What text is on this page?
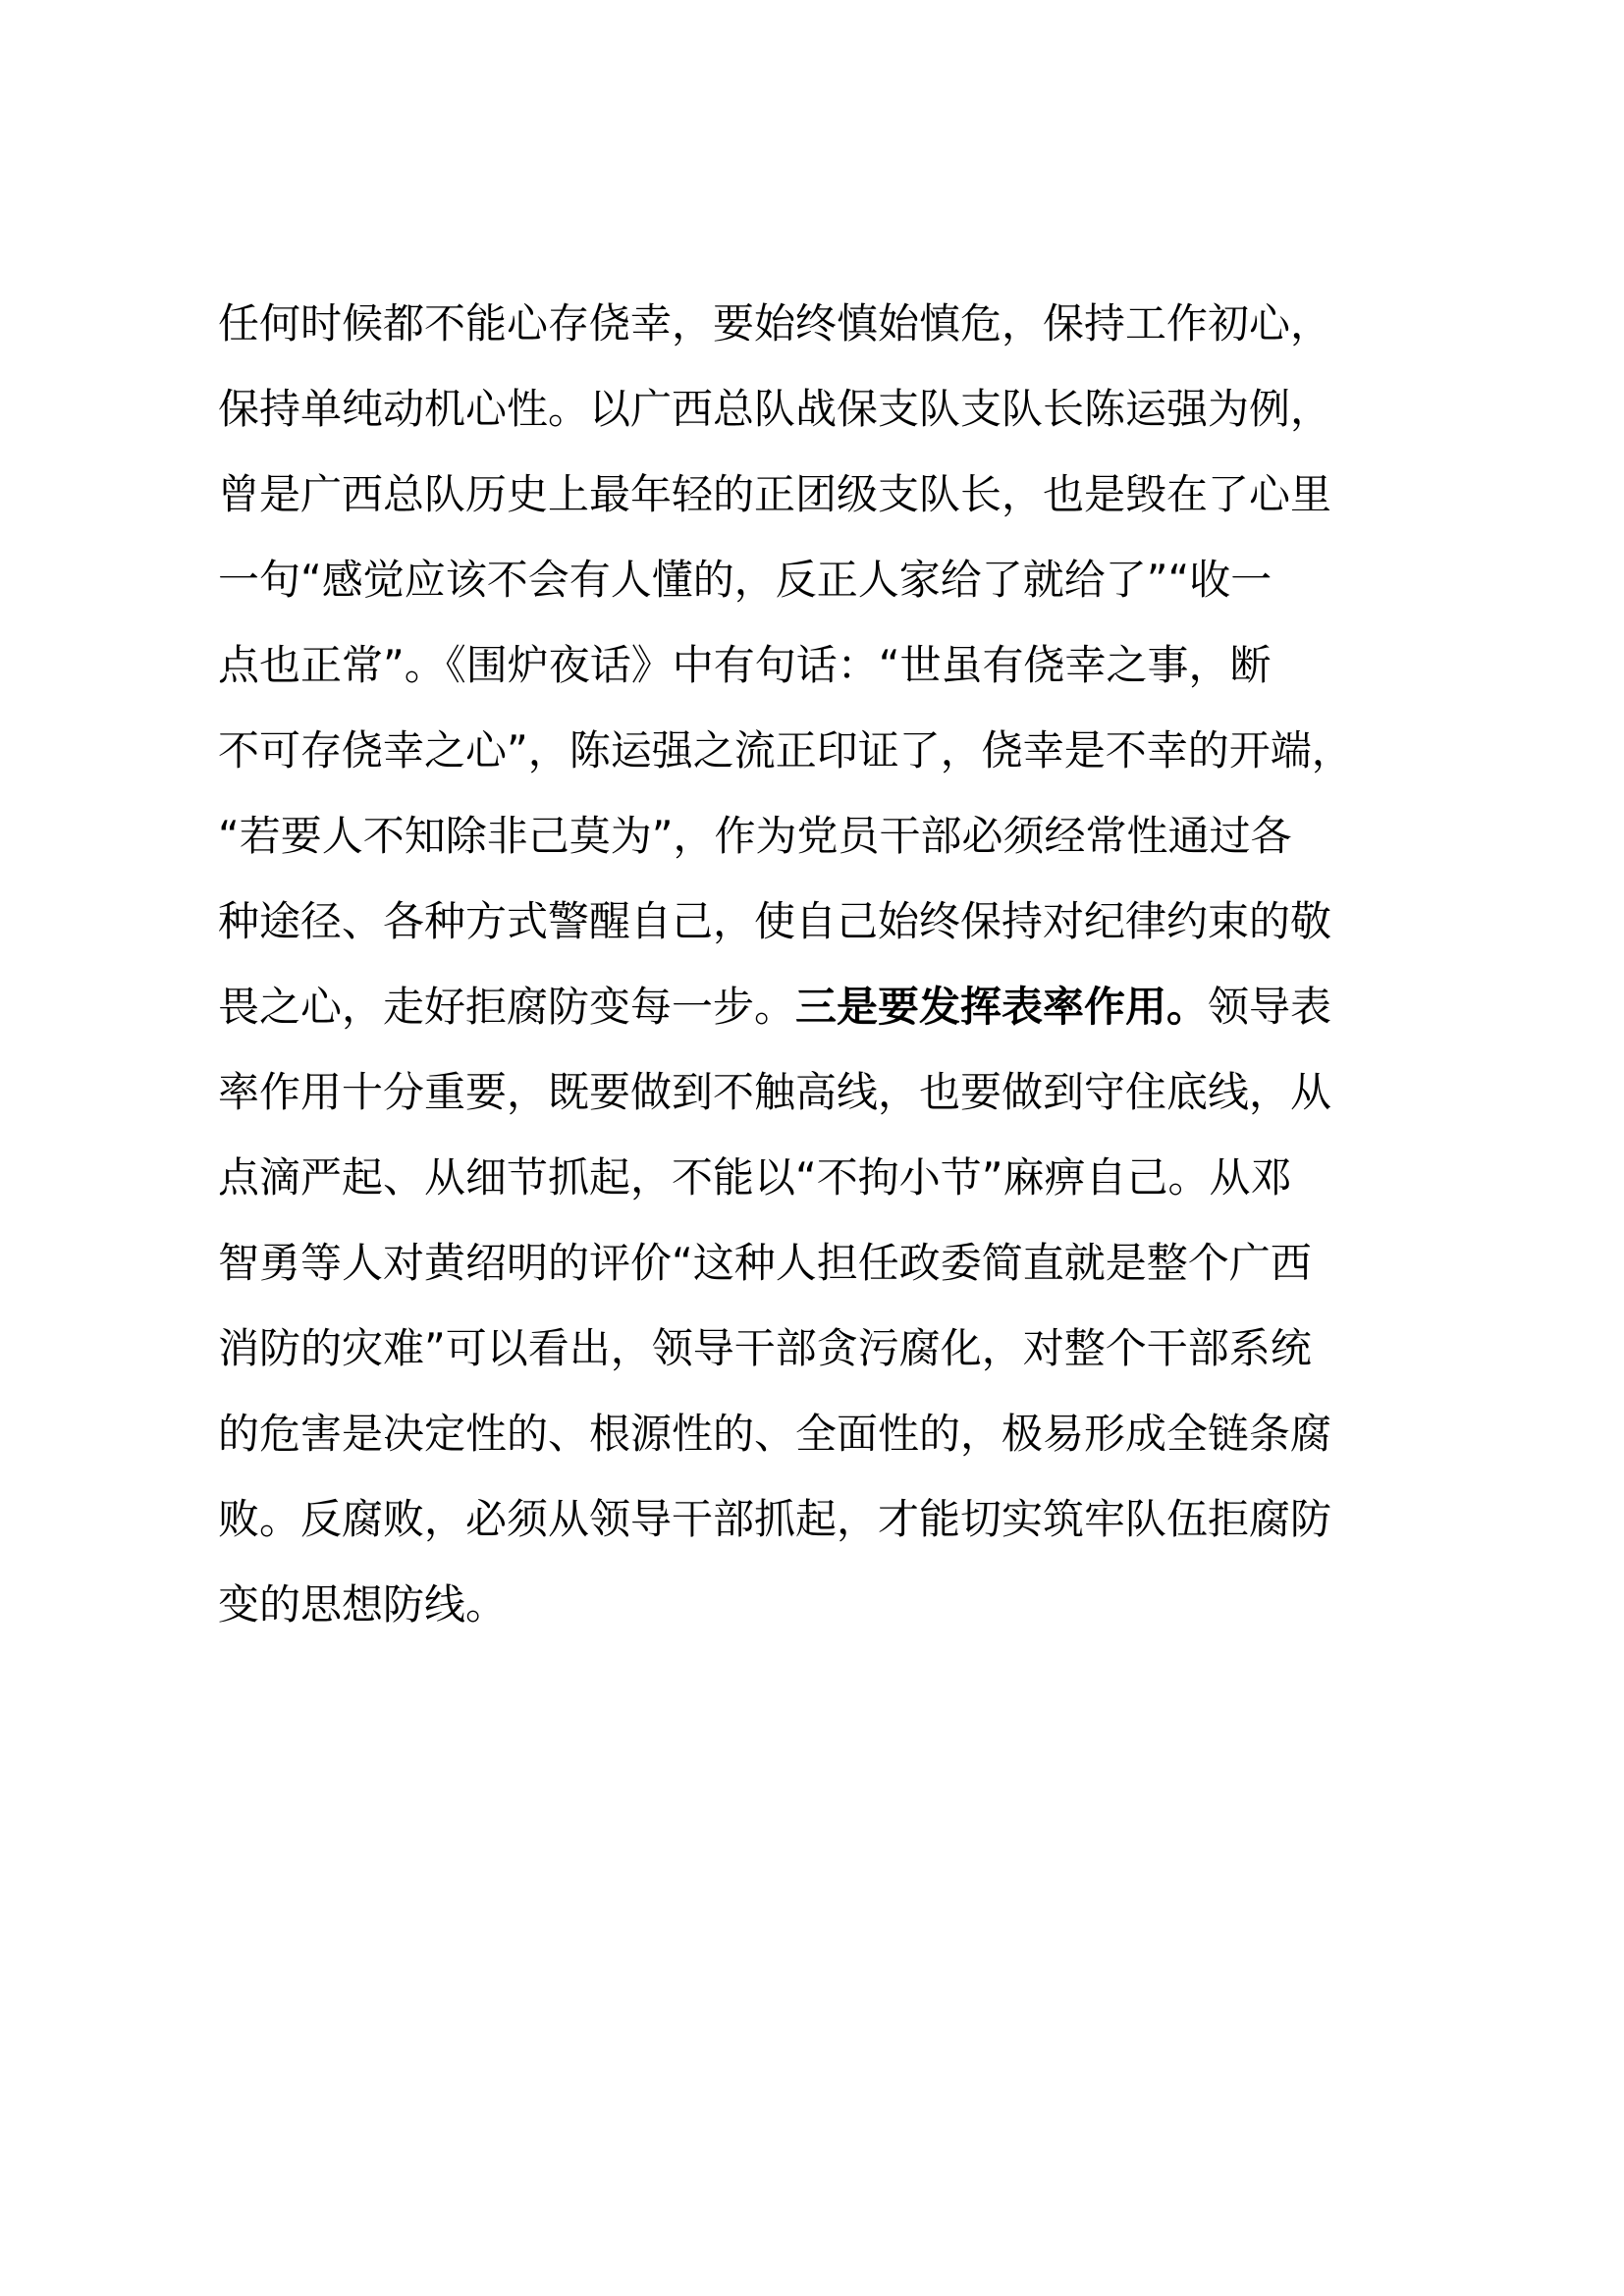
任何时候都不能心存侥幸，要始终慎始慎危，保持工作初心，
保持单纯动机心性。以广西总队战保支队支队长陈运强为例，
曾是广西总队历史上最年轻的正团级支队长，也是毁在了心里
一句“感觉应该不会有人懂的，反正人家给了就给了”“收一
点也正常”。《围炉夜话》中有句话：“世虽有侥幸之事，断
不可存侥幸之心”，陈运强之流正印证了，侥幸是不幸的开端，
“若要人不知除非己莫为”，作为党员干部必须经常性通过各
种途径、各种方式警醒自己，使自己始终保持对纪律约束的敬
畏之心，走好拒腐防变每一步。三是要发挥表率作用。领导表
率作用十分重要，既要做到不触高线，也要做到守住底线，从
点滴严起、从细节抓起，不能以“不拘小节”麻痹自己。从邓
智勇等人对黄绍明的评价“这种人担任政委简直就是整个广西
消防的灾难”可以看出，领导干部贪污腐化，对整个干部系统
的危害是决定性的、根源性的、全面性的，极易形成全链条腐
败。反腐败，必须从领导干部抓起，才能切实筑牢队伍拒腐防
变的思想防线。
